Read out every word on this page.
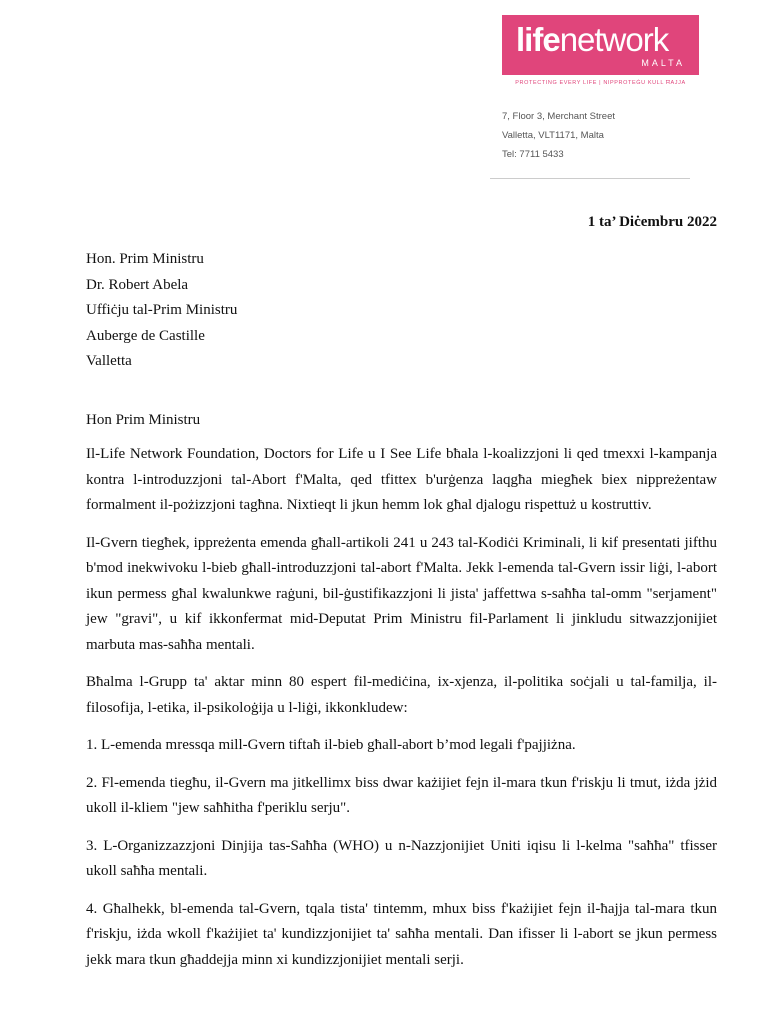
lifenetwork
MALTA
PROTECTING EVERY LIFE | NIPPROTEĠU KULL ĦAJJA
7, Floor 3, Merchant Street
Valletta, VLT1171, Malta
Tel: 7711 5433
1 ta’ Diċembru 2022
Hon. Prim Ministru
Dr. Robert Abela
Uffiċju tal-Prim Ministru
Auberge de Castille
Valletta
Hon Prim Ministru

Il-Life Network Foundation, Doctors for Life u I See Life bħala l-koalizzjoni li qed tmexxi l-kampanja kontra l-introduzzjoni tal-Abort f'Malta, qed tfittex b'urġenza laqgħa miegħek biex nippreżentaw formalment il-pożizzjoni tagħna. Nixtieqt li jkun hemm lok għal djalogu rispettuż u kostruttiv.

Il-Gvern tiegħek, ippreżenta emenda għall-artikoli 241 u 243 tal-Kodiċi Kriminali, li kif presentati jifthu b'mod inekwivoku l-bieb għall-introduzzjoni tal-abort f'Malta. Jekk l-emenda tal-Gvern issir liġi, l-abort ikun permess għal kwalunkwe raġuni, bil-ġustifikazzjoni li jista' jaffettwa s-saħħa tal-omm "serjament" jew "gravi", u kif ikkonfermat mid-Deputat Prim Ministru fil-Parlament li jinkludu sitwazzjonijiet marbuta mas-saħħa mentali.

Bħalma l-Grupp ta' aktar minn 80 espert fil-mediċina, ix-xjenza, il-politika soċjali u tal-familja, il-filosofija, l-etika, il-psikoloġija u l-liġi, ikkonkludew:

1. L-emenda mressqa mill-Gvern tiftaħ il-bieb għall-abort b’mod legali f'pajjiżna.

2. Fl-emenda tiegħu, il-Gvern ma jitkellimx biss dwar każijiet fejn il-mara tkun f'riskju li tmut, iżda jżid ukoll il-kliem "jew saħħitha f'periklu serju".

3. L-Organizzazzjoni Dinjija tas-Saħħa (WHO) u n-Nazzjonijiet Uniti iqisu li l-kelma "saħħa" tfisser ukoll saħħa mentali.

4. Għalhekk, bl-emenda tal-Gvern, tqala tista' tintemm, mhux biss f'każijiet fejn il-ħajja tal-mara tkun f'riskju, iżda wkoll f'każijiet ta' kundizzjonijiet ta' saħħa mentali. Dan ifisser li l-abort se jkun permess jekk mara tkun għaddejja minn xi kundizzjonijiet mentali serji.
